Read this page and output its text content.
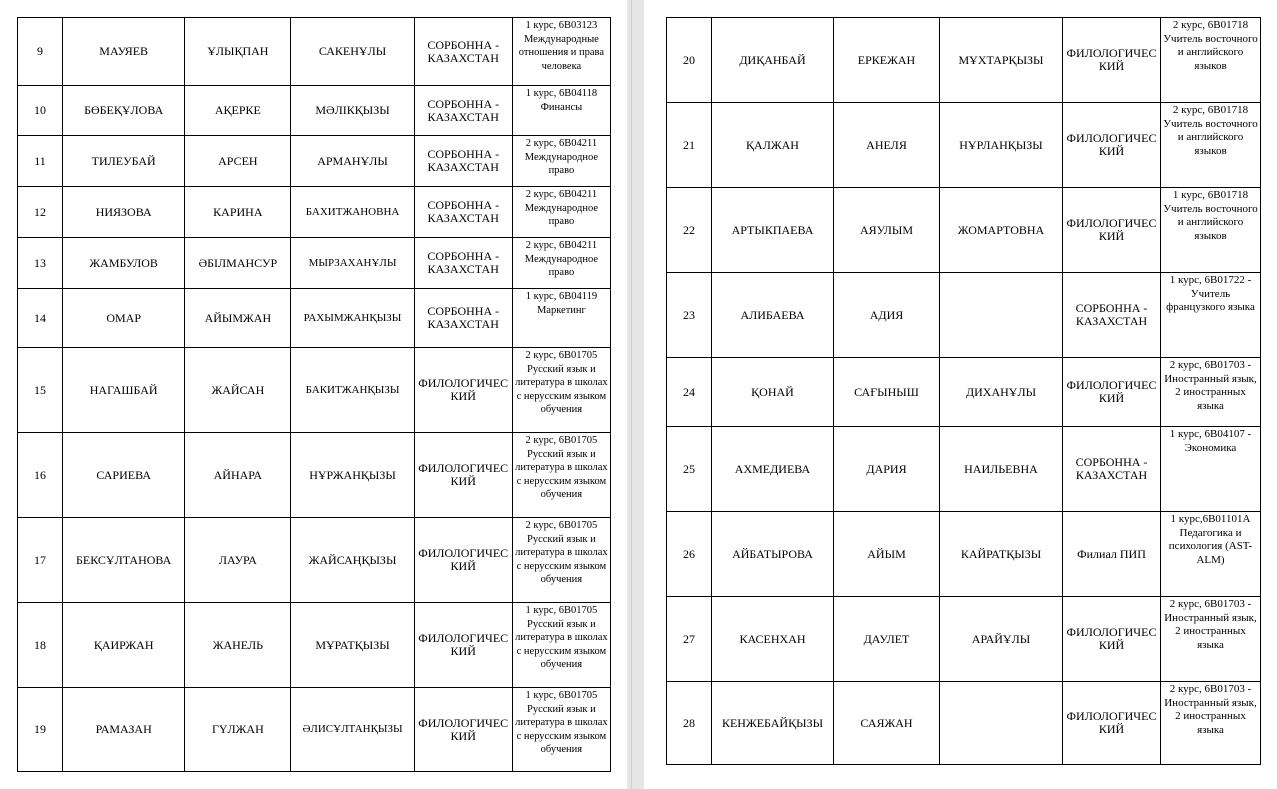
9	МАУЯЕВ	ҰЛЫҚПАН	САКЕНҰЛЫ	СОРБОННА - КАЗАХСТАН	1 курс, 6В03123 Международные отношения и права человека
10	БӨБЕҚҰЛОВА	АҚЕРКЕ	МӘЛІКҚЫЗЫ	СОРБОННА - КАЗАХСТАН	1 курс, 6В04118 Финансы
11	ТИЛЕУБАЙ	АРСЕН	АРМАНҰЛЫ	СОРБОННА - КАЗАХСТАН	2 курс, 6В04211 Международное право
12	НИЯЗОВА	КАРИНА	БАХИТЖАНОВНА	СОРБОННА - КАЗАХСТАН	2 курс, 6В04211 Международное право
13	ЖАМБУЛОВ	ӘБІЛМАНСУР	МЫРЗАХАНҰЛЫ	СОРБОННА - КАЗАХСТАН	2 курс, 6В04211 Международное право
14	ОМАР	АЙЫМЖАН	РАХЫМЖАНҚЫЗЫ	СОРБОННА - КАЗАХСТАН	1 курс, 6В04119 Маркетинг
15	НАГАШБАЙ	ЖАЙСАН	БАКИТЖАНҚЫЗЫ	ФИЛОЛОГИЧЕСКИЙ	2 курс, 6В01705 Русский язык и литература в школах с нерусским языком обучения
16	САРИЕВА	АЙНАРА	НҰРЖАНҚЫЗЫ	ФИЛОЛОГИЧЕСКИЙ	2 курс, 6В01705 Русский язык и литература в школах с нерусским языком обучения
17	БЕКСҰЛТАНОВА	ЛАУРА	ЖАЙСАҢҚЫЗЫ	ФИЛОЛОГИЧЕСКИЙ	2 курс, 6В01705 Русский язык и литература в школах с нерусским языком обучения
18	ҚАИРЖАН	ЖАНЕЛЬ	МҰРАТҚЫЗЫ	ФИЛОЛОГИЧЕСКИЙ	1 курс, 6В01705 Русский язык и литература в школах с нерусским языком обучения
19	РАМАЗАН	ГҮЛЖАН	ӘЛИСҰЛТАНҚЫЗЫ	ФИЛОЛОГИЧЕСКИЙ	1 курс, 6В01705 Русский язык и литература в школах с нерусским языком обучения
20	ДИҚАНБАЙ	ЕРКЕЖАН	МҰХТАРҚЫЗЫ	ФИЛОЛОГИЧЕСКИЙ	2 курс, 6В01718 Учитель восточного и английского языков
21	ҚАЛЖАН	АНЕЛЯ	НҰРЛАНҚЫЗЫ	ФИЛОЛОГИЧЕСКИЙ	2 курс, 6В01718 Учитель восточного и английского языков
22	АРТЫКПАЕВА	АЯУЛЫМ	ЖОМАРТОВНА	ФИЛОЛОГИЧЕСКИЙ	1 курс, 6В01718 Учитель восточного и английского языков
23	АЛИБАЕВА	АДИЯ		СОРБОННА - КАЗАХСТАН	1 курс, 6В01722 - Учитель французкого языка
24	ҚОНАЙ	САҒЫНЫШ	ДИХАНҰЛЫ	ФИЛОЛОГИЧЕСКИЙ	2 курс, 6В01703 - Иностранный язык, 2 иностранных языка
25	АХМЕДИЕВА	ДАРИЯ	НАИЛЬЕВНА	СОРБОННА - КАЗАХСТАН	1 курс, 6В04107 - Экономика
26	АЙБАТЫРОВА	АЙЫМ	КАЙРАТҚЫЗЫ	Филиал ПИП	1 курс,6В01101А Педагогика и психология (AST- ALM)
27	КАСЕНХАН	ДАУЛЕТ	АРАЙҰЛЫ	ФИЛОЛОГИЧЕСКИЙ	2 курс, 6В01703 - Иностранный язык, 2 иностранных языка
28	КЕНЖЕБАЙҚЫЗЫ	САЯЖАН		ФИЛОЛОГИЧЕСКИЙ	2 курс, 6В01703 - Иностранный язык, 2 иностранных языка
